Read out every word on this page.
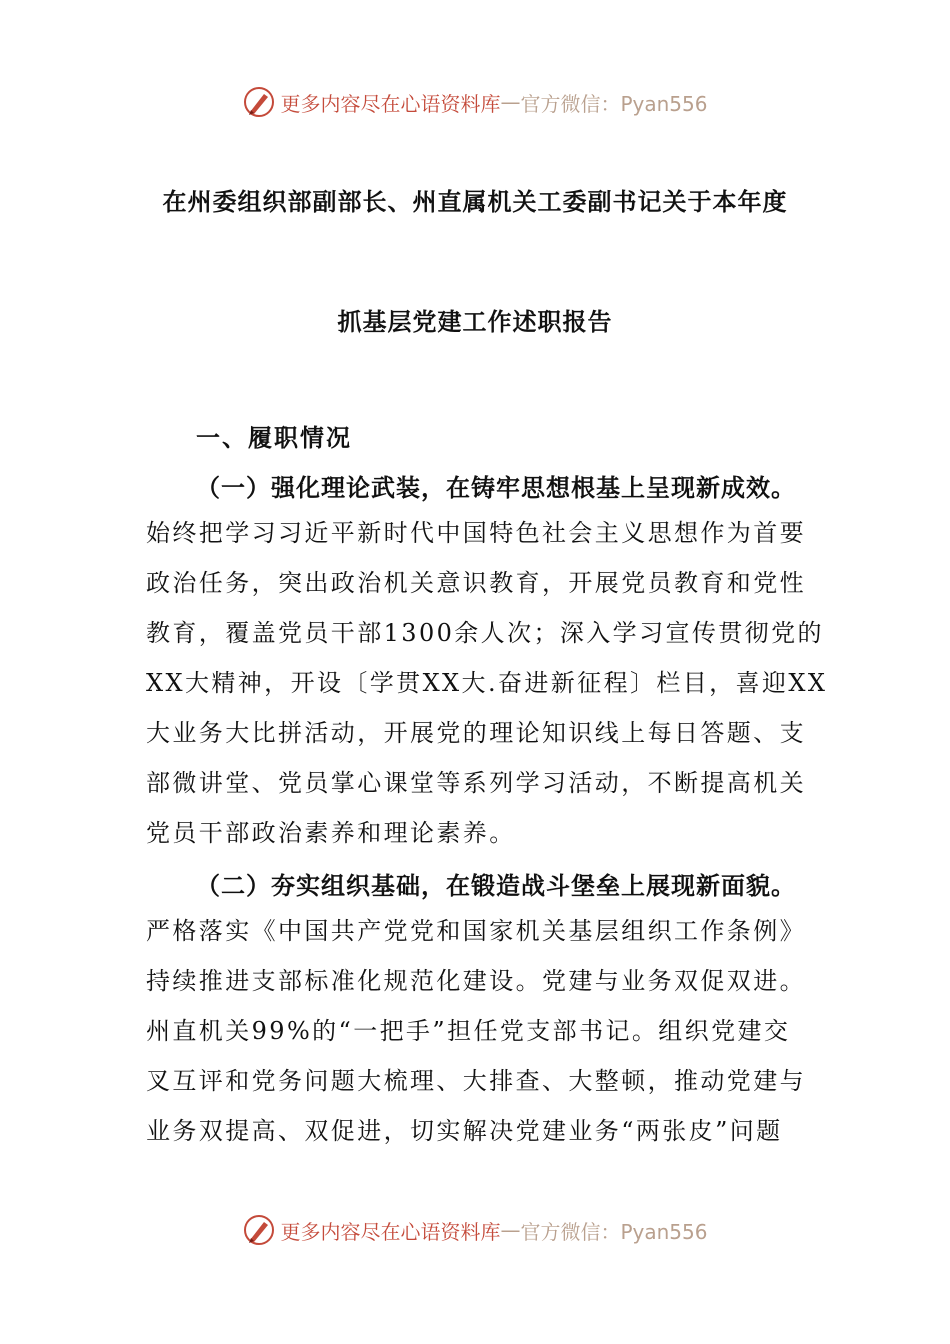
更多内容尽在心语资料库 — 官方微信：Pyan556
在州委组织部副部长、州直属机关工委副书记关于本年度
抓基层党建工作述职报告
一、履职情况
（一）强化理论武装，在铸牢思想根基上呈现新成效。
始终把学习习近平新时代中国特色社会主义思想作为首要
政治任务，突出政治机关意识教育，开展党员教育和党性
教育，覆盖党员干部1300余人次；深入学习宣传贯彻党的
XX大精神，开设〔学贯XX大.奋进新征程〕栏目，喜迎XX
大业务大比拼活动，开展党的理论知识线上每日答题、支
部微讲堂、党员掌心课堂等系列学习活动，不断提高机关
党员干部政治素养和理论素养。
（二）夯实组织基础，在锻造战斗堡垒上展现新面貌。
严格落实《中国共产党党和国家机关基层组织工作条例》
持续推进支部标准化规范化建设。党建与业务双促双进。
州直机关99%的“一把手”担任党支部书记。组织党建交
叉互评和党务问题大梳理、大排查、大整顿，推动党建与
业务双提高、双促进，切实解决党建业务“两张皮”问题
更多内容尽在心语资料库 — 官方微信：Pyan556
